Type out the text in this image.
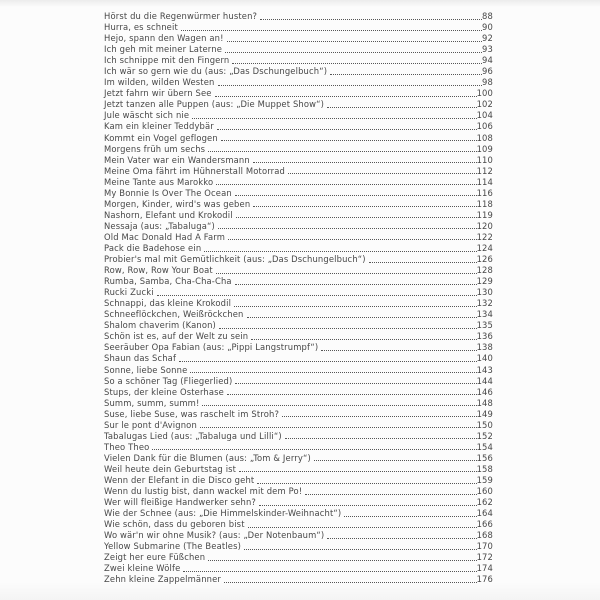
Hörst du die Regenwürmer husten?	88
Hurra, es schneit	90
Hejo, spann den Wagen an!	92
Ich geh mit meiner Laterne	93
Ich schnippe mit den Fingern	94
Ich wär so gern wie du (aus: „Das Dschungelbuch“)	96
Im wilden, wilden Westen	98
Jetzt fahrn wir übern See	100
Jetzt tanzen alle Puppen (aus: „Die Muppet Show“)	102
Jule wäscht sich nie	104
Kam ein kleiner Teddybär	106
Kommt ein Vogel geflogen	108
Morgens früh um sechs	109
Mein Vater war ein Wandersmann	110
Meine Oma fährt im Hühnerstall Motorrad	112
Meine Tante aus Marokko	114
My Bonnie Is Over The Ocean	116
Morgen, Kinder, wird's was geben	118
Nashorn, Elefant und Krokodil	119
Nessaja (aus: „Tabaluga“)	120
Old Mac Donald Had A Farm	122
Pack die Badehose ein	124
Probier's mal mit Gemütlichkeit (aus: „Das Dschungelbuch“)	126
Row, Row, Row Your Boat	128
Rumba, Samba, Cha-Cha-Cha	129
Rucki Zucki	130
Schnappi, das kleine Krokodil	132
Schneeflöckchen, Weißröckchen	134
Shalom chaverim (Kanon)	135
Schön ist es, auf der Welt zu sein	136
Seeräuber Opa Fabian (aus: „Pippi Langstrumpf“)	138
Shaun das Schaf	140
Sonne, liebe Sonne	143
So a schöner Tag (Fliegerlied)	144
Stups, der kleine Osterhase	146
Summ, summ, summ!	148
Suse, liebe Suse, was raschelt im Stroh?	149
Sur le pont d'Avignon	150
Tabalugas Lied (aus: „Tabaluga und Lilli“)	152
Theo Theo	154
Vielen Dank für die Blumen (aus: „Tom & Jerry“)	156
Weil heute dein Geburtstag ist	158
Wenn der Elefant in die Disco geht	159
Wenn du lustig bist, dann wackel mit dem Po!	160
Wer will fleißige Handwerker sehn?	162
Wie der Schnee (aus: „Die Himmelskinder-Weihnacht“)	164
Wie schön, dass du geboren bist	166
Wo wär'n wir ohne Musik? (aus: „Der Notenbaum“)	168
Yellow Submarine (The Beatles)	170
Zeigt her eure Füßchen	172
Zwei kleine Wölfe	174
Zehn kleine Zappelmänner	176
